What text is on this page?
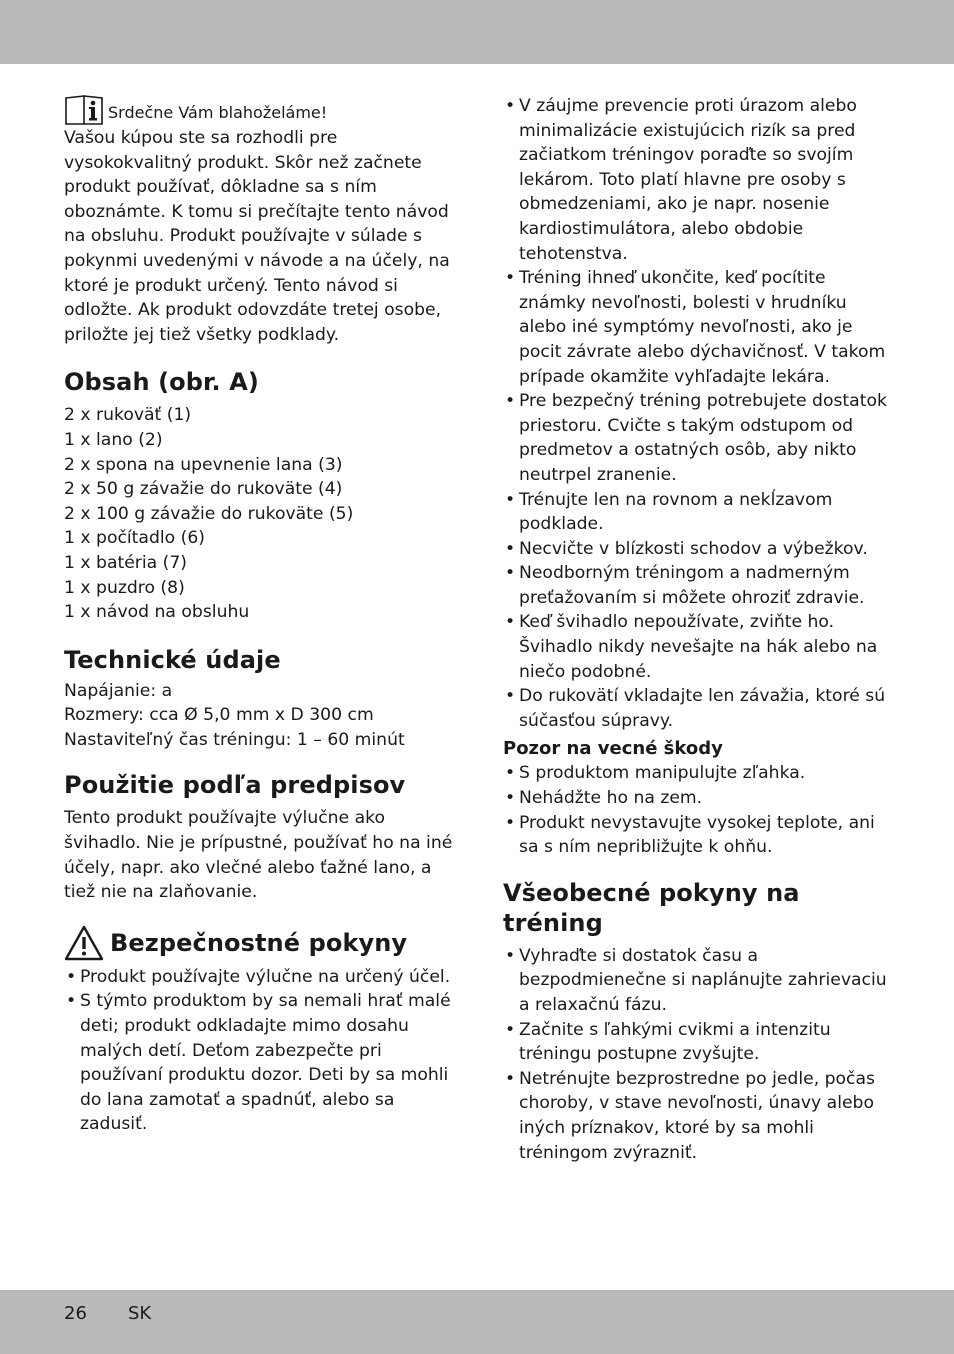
Srdečne Vám blahoželáme!

Vašou kúpou ste sa rozhodli pre vysokokvalitný produkt. Skôr než začnete produkt používať, dôkladne sa s ním oboznámte. K tomu si prečítajte tento návod na obsluhu. Produkt používajte v súlade s pokynmi uvedenými v návode a na účely, na ktoré je produkt určený. Tento návod si odložte. Ak produkt odovzdáte tretej osobe, priložte jej tiež všetky podklady.

Obsah (obr. A)
2 x rukoväť (1)
1 x lano (2)
2 x spona na upevnenie lana (3)
2 x 50 g závažie do rukoväte (4)
2 x 100 g závažie do rukoväte (5)
1 x počítadlo (6)
1 x batéria (7)
1 x puzdro (8)
1 x návod na obsluhu
Technické údaje
Napájanie: a
Rozmery: cca Ø 5,0 mm x D 300 cm
Nastaviteľný čas tréningu: 1 – 60 minút
Použitie podľa predpisov

Tento produkt používajte výlučne ako švihadlo. Nie je prípustné, používať ho na iné účely, napr. ako vlečné alebo ťažné lano, a tiež nie na zlaňovanie.

Bezpečnostné pokyny
• Produkt používajte výlučne na určený účel.
• S týmto produktom by sa nemali hrať malé deti; produkt odkladajte mimo dosahu malých detí. Deťom zabezpečte pri používaní produktu dozor. Deti by sa mohli do lana zamotať a spadnúť, alebo sa zadusiť.
• V záujme prevencie proti úrazom alebo minimalizácie existujúcich rizík sa pred začiatkom tréningov poraďte so svojím lekárom. Toto platí hlavne pre osoby s obmedzeniami, ako je napr. nosenie kardiostimulátora, alebo obdobie tehotenstva.
• Tréning ihneď ukončite, keď pocítite známky nevoľnosti, bolesti v hrudníku alebo iné symptómy nevoľnosti, ako je pocit závrate alebo dýchavičnosť. V takom prípade okamžite vyhľadajte lekára.
• Pre bezpečný tréning potrebujete dostatok priestoru. Cvičte s takým odstupom od predmetov a ostatných osôb, aby nikto neutrpel zranenie.
• Trénujte len na rovnom a nekĺzavom podklade.
• Necvičte v blízkosti schodov a výbežkov.
• Neodborným tréningom a nadmerným preťažovaním si môžete ohroziť zdravie.
• Keď švihadlo nepoužívate, zviňte ho. Švihadlo nikdy nevešajte na hák alebo na niečo podobné.
• Do rukovätí vkladajte len závažia, ktoré sú súčasťou súpravy.
Pozor na vecné škody
• S produktom manipulujte zľahka.
• Nehádžte ho na zem.
• Produkt nevystavujte vysokej teplote, ani sa s ním nepribližujte k ohňu.
Všeobecné pokyny na tréning
• Vyhraďte si dostatok času a bezpodmienečne si naplánujte zahrievaciu a relaxačnú fázu.
• Začnite s ľahkými cvikmi a intenzitu tréningu postupne zvyšujte.
• Netrénujte bezprostredne po jedle, počas choroby, v stave nevoľnosti, únavy alebo iných príznakov, ktoré by sa mohli tréningom zvýrazniť.
26 SK
